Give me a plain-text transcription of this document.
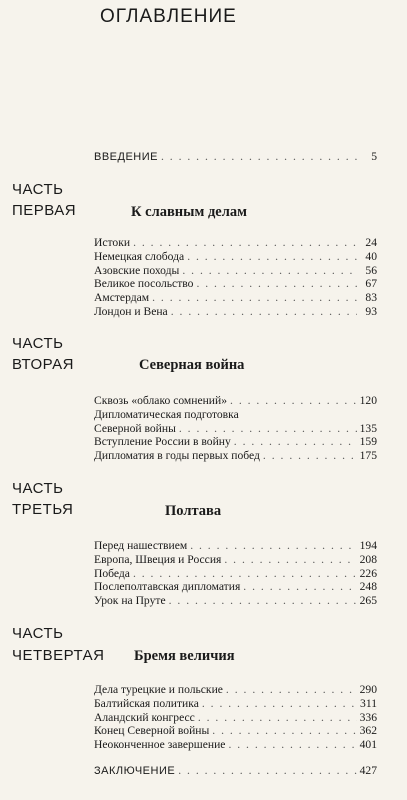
ОГЛАВЛЕНИЕ
ВВЕДЕНИЕ . . .	5
ЧАСТЬ
ПЕРВАЯ	К славным делам
Истоки . . .	24
Немецкая слобода . . .	40
Азовские походы . . .	56
Великое посольство . . .	67
Амстердам . . .	83
Лондон и Вена . . .	93
ЧАСТЬ
ВТОРАЯ	Северная война
Сквозь «облако сомнений» . . .	120
Дипломатическая подготовка
Северной войны . . .	135
Вступление России в войну . . .	159
Дипломатия в годы первых побед . . .	175
ЧАСТЬ
ТРЕТЬЯ	Полтава
Перед нашествием . . .	194
Европа, Швеция и Россия . . .	208
Победа . . .	226
Послеполтавская дипломатия . . .	248
Урок на Пруте . . .	265
ЧАСТЬ
ЧЕТВЕРТАЯ Бремя величия
Дела турецкие и польские . . .	290
Балтийская политика . . .	311
Аландский конгресс . . .	336
Конец Северной войны . . .	362
Неоконченное завершение . . .	401
ЗАКЛЮЧЕНИЕ . . .	427
